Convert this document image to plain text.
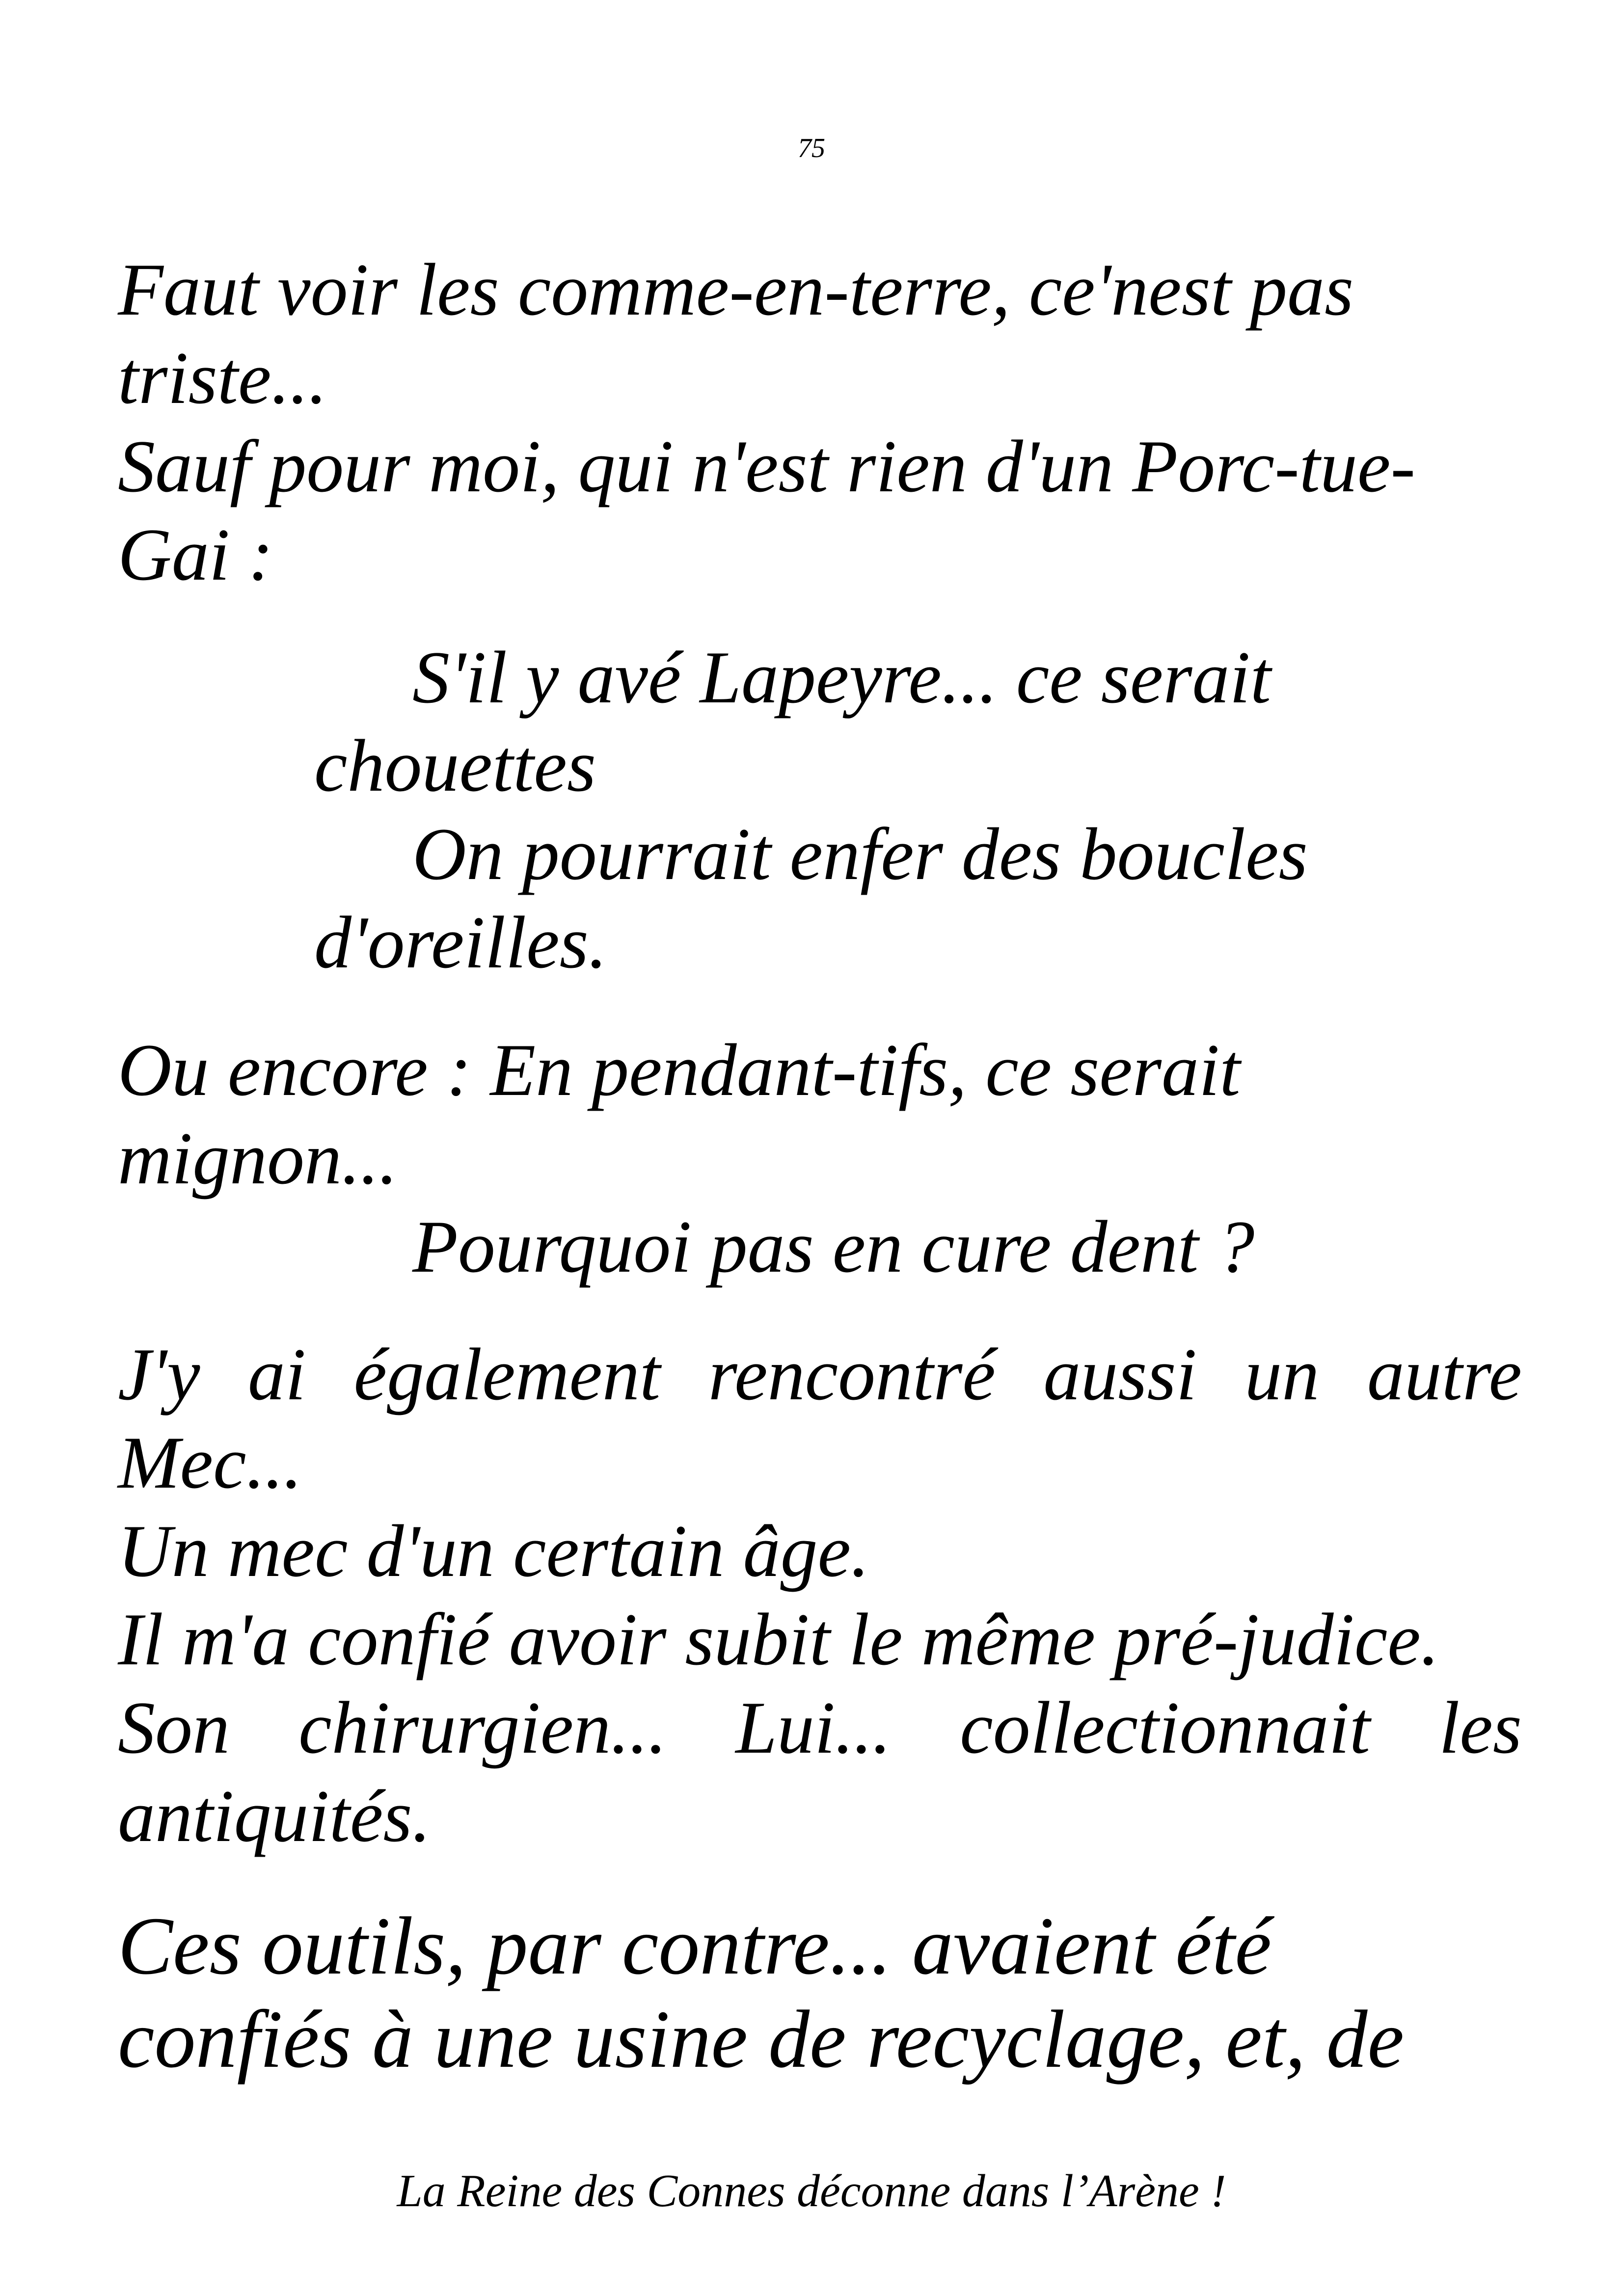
75

Faut voir les comme-en-terre, ce'nest pas
triste...
Sauf pour moi, qui n'est rien d'un Porc-tue-
Gai :

S'il y avé Lapeyre... ce serait chouettes

On pourrait enfer des boucles d'oreilles.

Ou encore : En pendant-tifs, ce serait
mignon...

Pourquoi pas en cure dent ?

J'y ai également rencontré aussi un autre
Mec...
Un mec d'un certain âge.
Il m'a confié avoir subit le même pré-judice.
Son chirurgien... Lui... collectionnait les
antiquités.

Ces outils, par contre... avaient été
confiés à une usine de recyclage, et, de

La Reine des Connes déconne dans l’Arène !
